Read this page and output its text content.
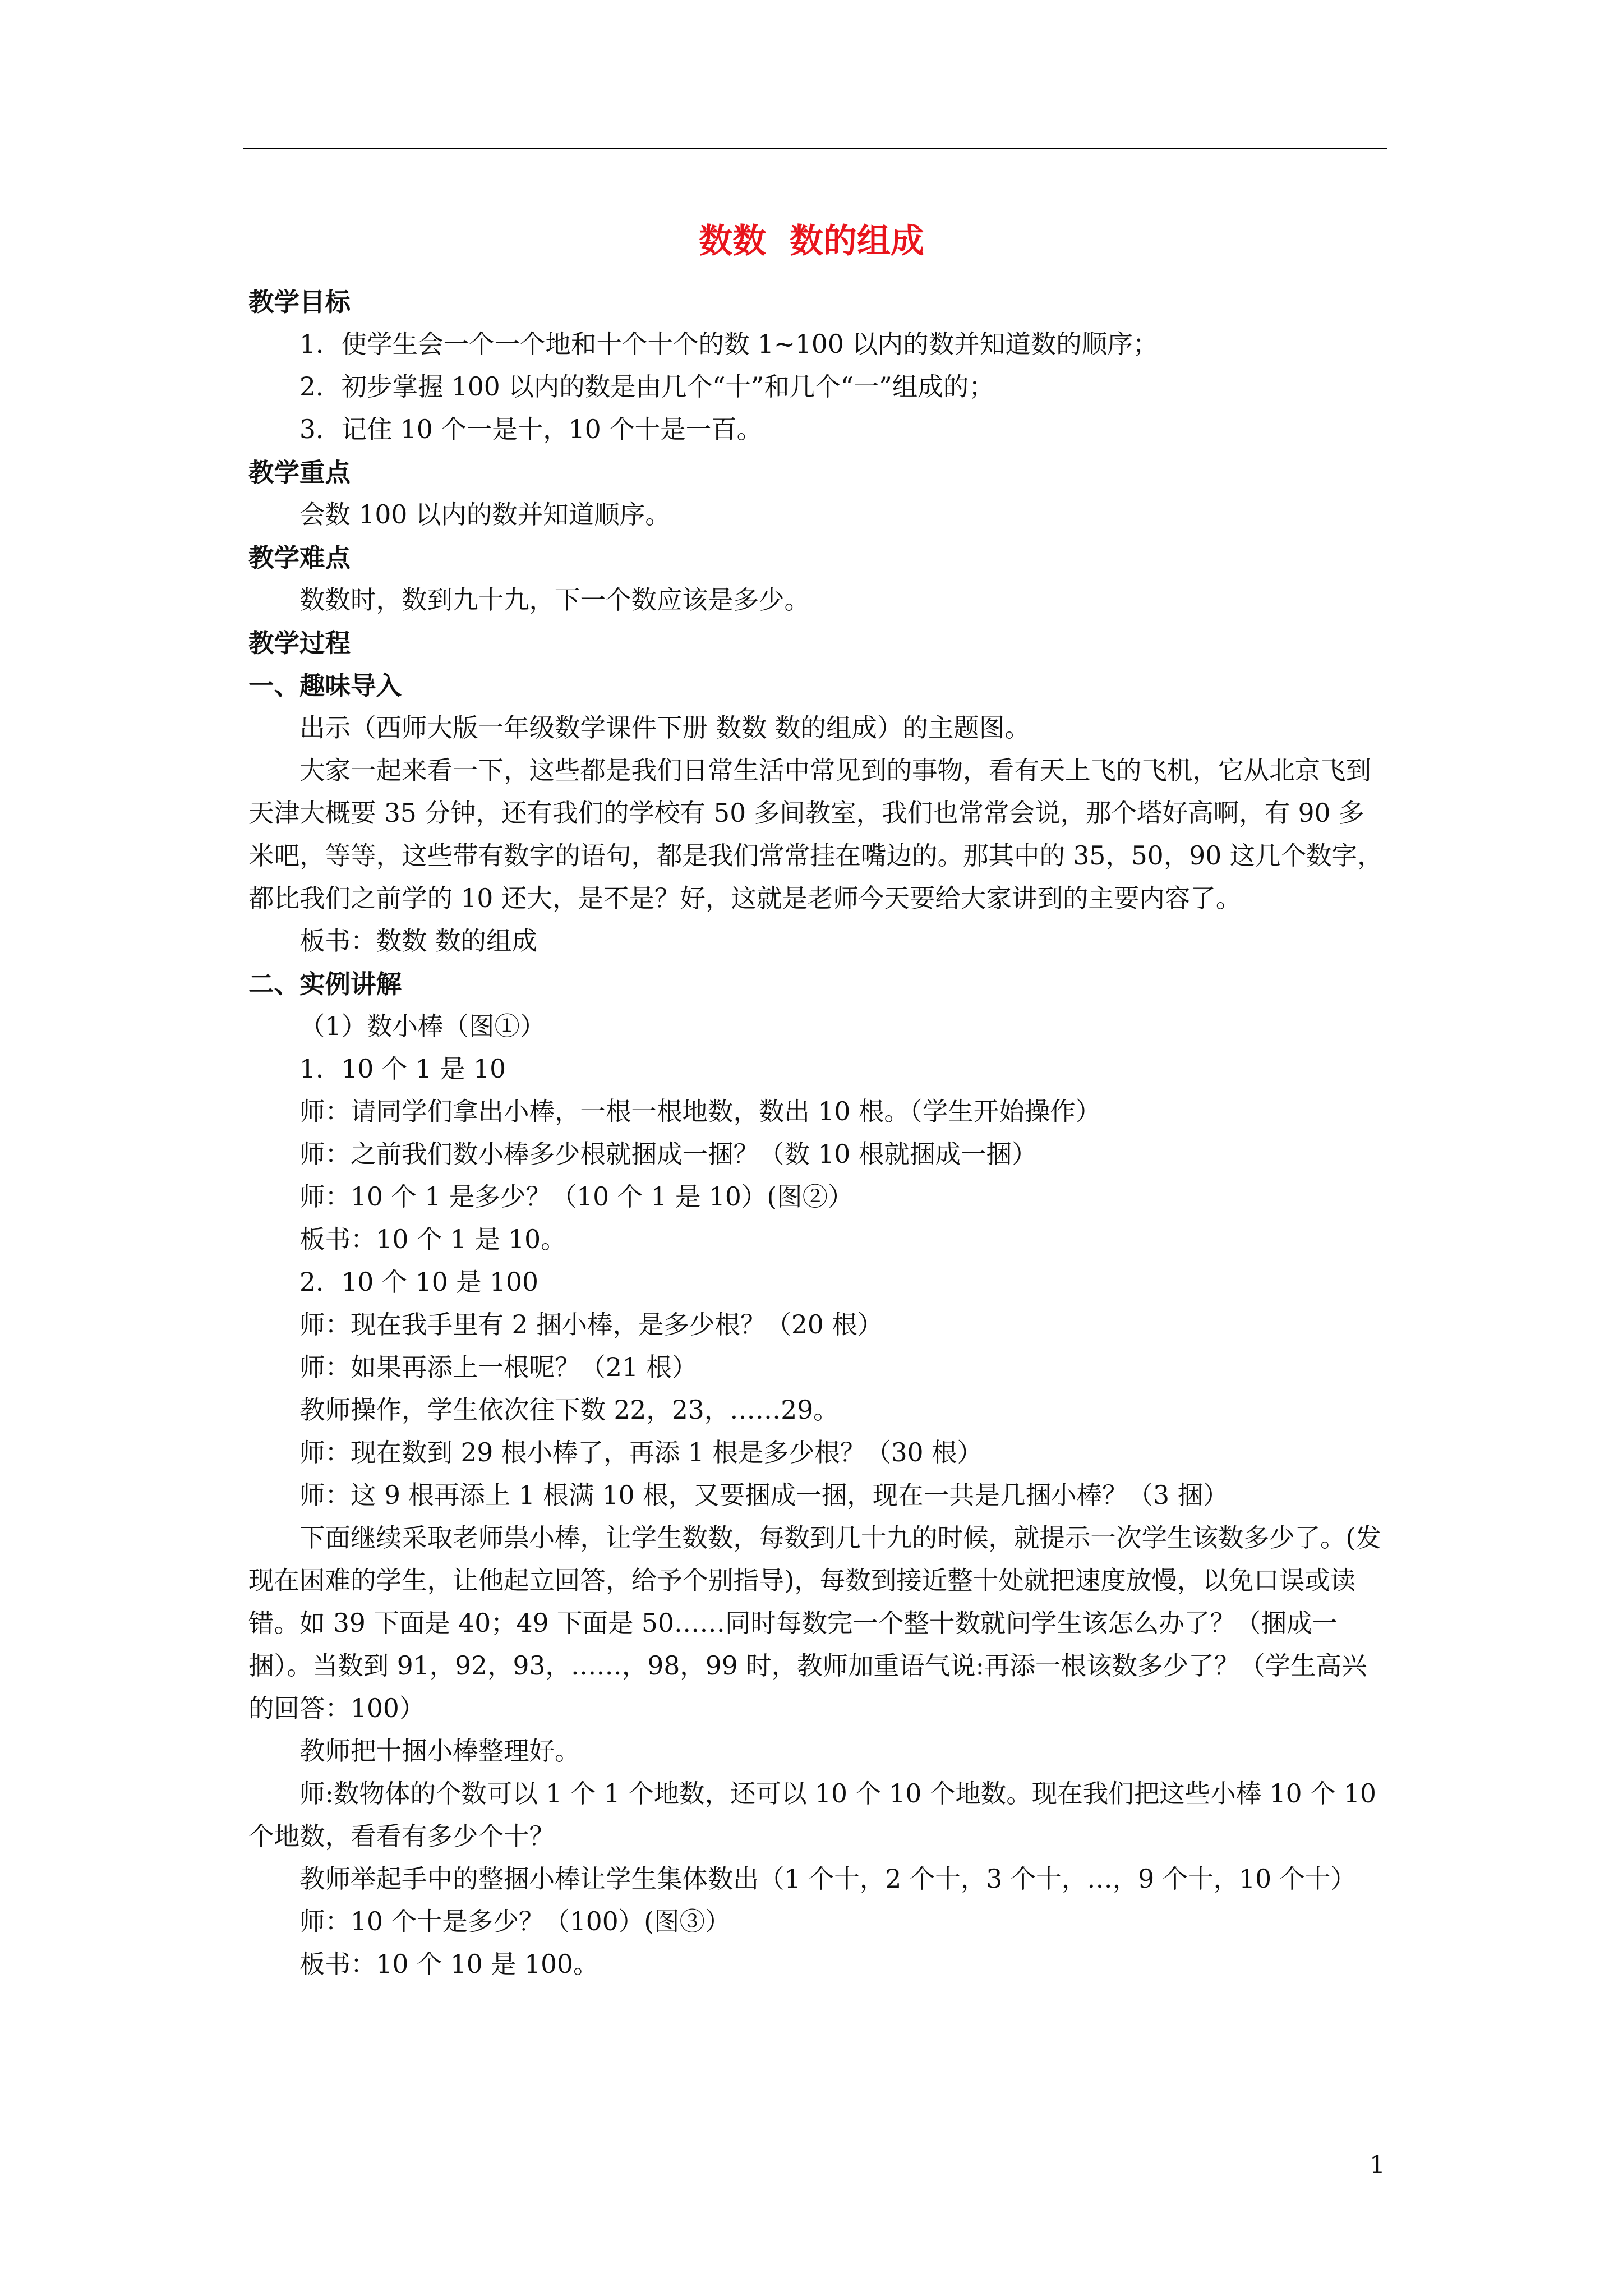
数数  数的组成

教学目标

1．使学生会一个一个地和十个十个的数 1~100 以内的数并知道数的顺序；

2．初步掌握 100 以内的数是由几个“十”和几个“一”组成的；

3．记住 10 个一是十，10 个十是一百。

教学重点

会数 100 以内的数并知道顺序。

教学难点

数数时，数到九十九，下一个数应该是多少。

教学过程

一、趣味导入

出示（西师大版一年级数学课件下册 数数 数的组成）的主题图。

大家一起来看一下，这些都是我们日常生活中常见到的事物，看有天上飞的飞机，它从北京飞到天津大概要 35 分钟，还有我们的学校有 50 多间教室，我们也常常会说，那个塔好高啊，有 90 多米吧，等等，这些带有数字的语句，都是我们常常挂在嘴边的。那其中的 35，50，90 这几个数字，都比我们之前学的 10 还大，是不是？好，这就是老师今天要给大家讲到的主要内容了。

板书：数数 数的组成

二、实例讲解

（1）数小棒（图①）

1．10 个 1 是 10

师：请同学们拿出小棒，一根一根地数，数出 10 根。（学生开始操作）

师：之前我们数小棒多少根就捆成一捆？（数 10 根就捆成一捆）

师：10 个 1 是多少？（10 个 1 是 10）(图②）

板书：10 个 1 是 10。

2．10 个 10 是 100

师：现在我手里有 2 捆小棒，是多少根？（20 根）

师：如果再添上一根呢？（21 根）

教师操作，学生依次往下数 22，23，……29。

师：现在数到 29 根小棒了，再添 1 根是多少根？（30 根）

师：这 9 根再添上 1 根满 10 根，又要捆成一捆，现在一共是几捆小棒？（3 捆）

下面继续采取老师祟小棒，让学生数数，每数到几十九的时候，就提示一次学生该数多少了。(发现在困难的学生，让他起立回答，给予个别指导)，每数到接近整十处就把速度放慢，以免口误或读错。如 39 下面是 40；49 下面是 50……同时每数完一个整十数就问学生该怎么办了？（捆成一捆）。当数到 91，92，93，……，98，99 时，教师加重语气说:再添一根该数多少了？（学生高兴的回答：100）

教师把十捆小棒整理好。

师:数物体的个数可以 1 个 1 个地数，还可以 10 个 10 个地数。现在我们把这些小棒 10 个 10 个地数，看看有多少个十？

教师举起手中的整捆小棒让学生集体数出（1 个十，2 个十，3 个十，…，9 个十，10 个十）

师：10 个十是多少？（100）(图③）

板书：10 个 10 是 100。

1
